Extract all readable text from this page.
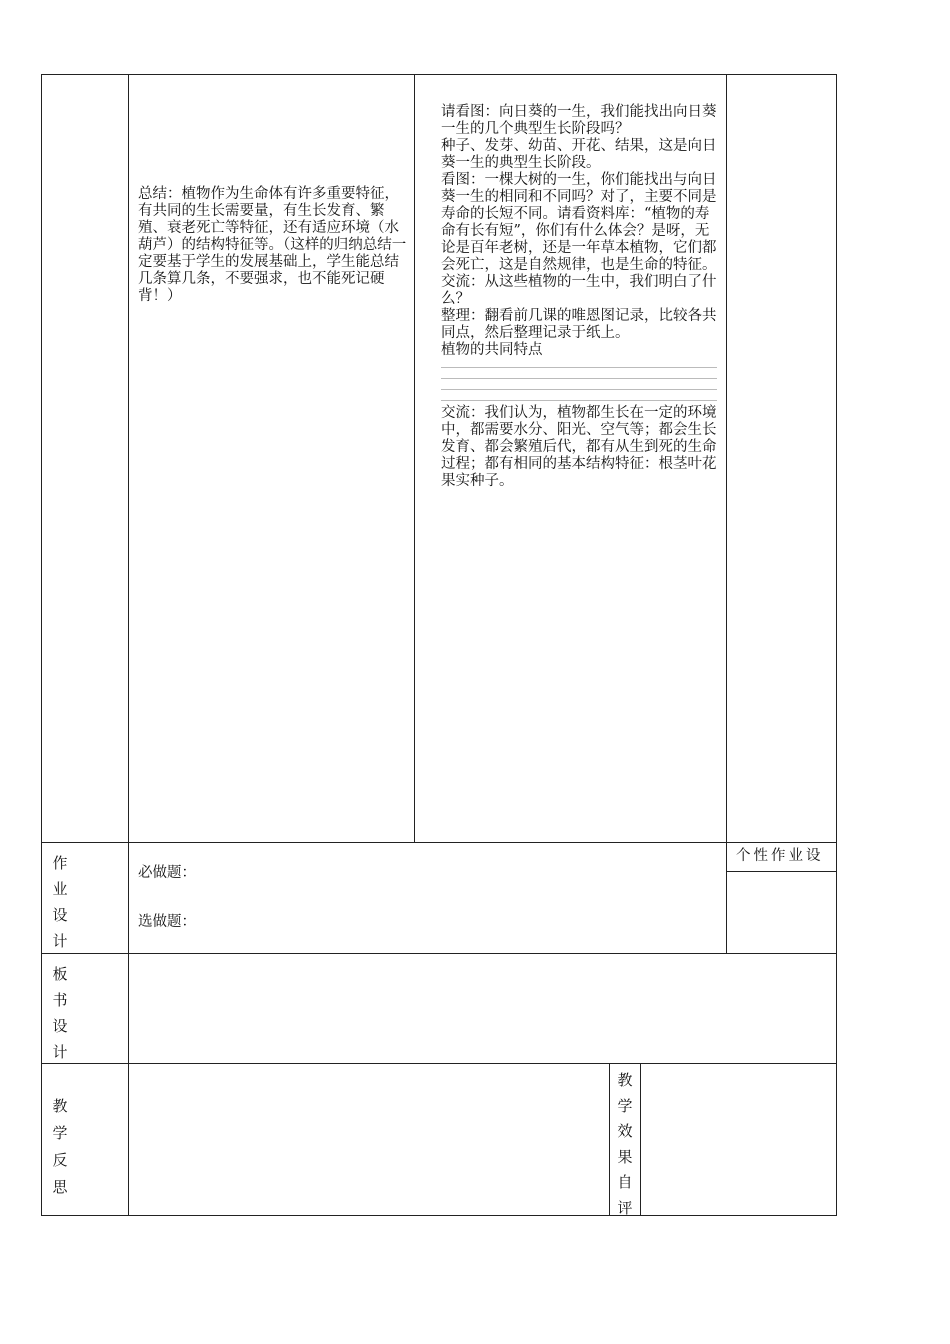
总结：植物作为生命体有许多重要特征，有共同的生长需要量，有生长发育、繁殖、衰老死亡等特征，还有适应环境（水葫芦）的结构特征等。（这样的归纳总结一定要基于学生的发展基础上，学生能总结几条算几条，不要强求，也不能死记硬背！）

请看图：向日葵的一生，我们能找出向日葵一生的几个典型生长阶段吗？

种子、发芽、幼苗、开花、结果，这是向日葵一生的典型生长阶段。

看图：一棵大树的一生，你们能找出与向日葵一生的相同和不同吗？对了，主要不同是寿命的长短不同。请看资料库：“植物的寿命有长有短”，你们有什么体会？是呀，无论是百年老树，还是一年草本植物，它们都会死亡，这是自然规律，也是生命的特征。

交流：从这些植物的一生中，我们明白了什么？

整理：翻看前几课的唯恩图记录，比较各共同点，然后整理记录于纸上。

植物的共同特点

交流：我们认为，植物都生长在一定的环境中，都需要水分、阳光、空气等；都会生长发育、都会繁殖后代，都有从生到死的生命过程；都有相同的基本结构特征：根茎叶花果实种子。

作
业
设
计
必做题：
选做题：
个性作业设
板
书
设
计
教
学
反
思
教
学
效
果
自
评
